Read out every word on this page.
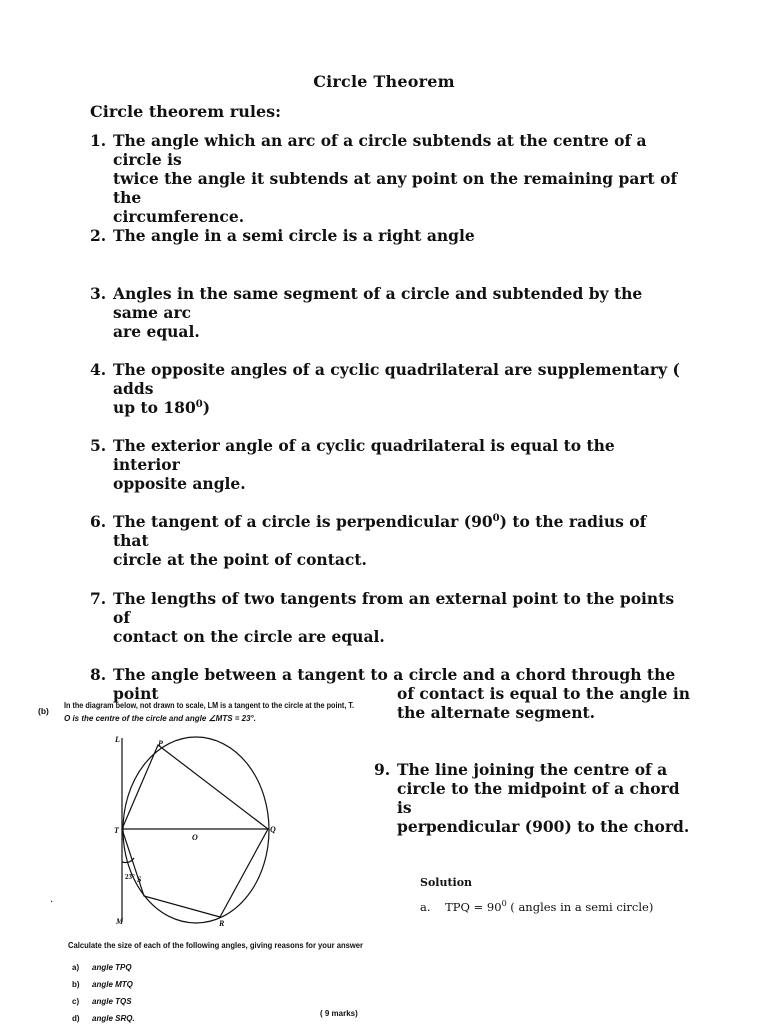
Circle Theorem
Circle theorem rules:
1. The angle which an arc of a circle subtends at the centre of a circle is
twice the angle it subtends at any point on the remaining part of the
circumference.
2. The angle in a semi circle is a right angle
3. Angles in the same segment of a circle and subtended by the same arc
are equal.
4. The opposite angles of a cyclic quadrilateral are supplementary ( adds
up to $180^0$)
5. The exterior angle of a cyclic quadrilateral is equal to the interior
opposite angle.
6. The tangent of a circle is perpendicular $(90^0)$ to the radius of that
circle at the point of contact.
7. The lengths of two tangents from an external point to the points of
contact on the circle are equal.
8. The angle between a tangent to a circle and a chord through the point	of contact is equal to the angle in
the alternate segment.
9. The line joining the centre of a
circle to the midpoint of a chord is
perpendicular (900) to the chord.
Solution
a. TPQ = $90^0$ ( angles in a semi circle)
·
(b)
In the diagram below, not drawn to scale, LM is a tangent to the circle at the point, T.
O is the centre of the circle and angle ∠MTS = 23°.
L	P
T
O
Q
S
R
M
23°
Calculate the size of each of the following angles, giving reasons for your answer
a) angle TPQ
b) angle MTQ
c) angle TQS
d) angle SRQ.
( 9 marks)
